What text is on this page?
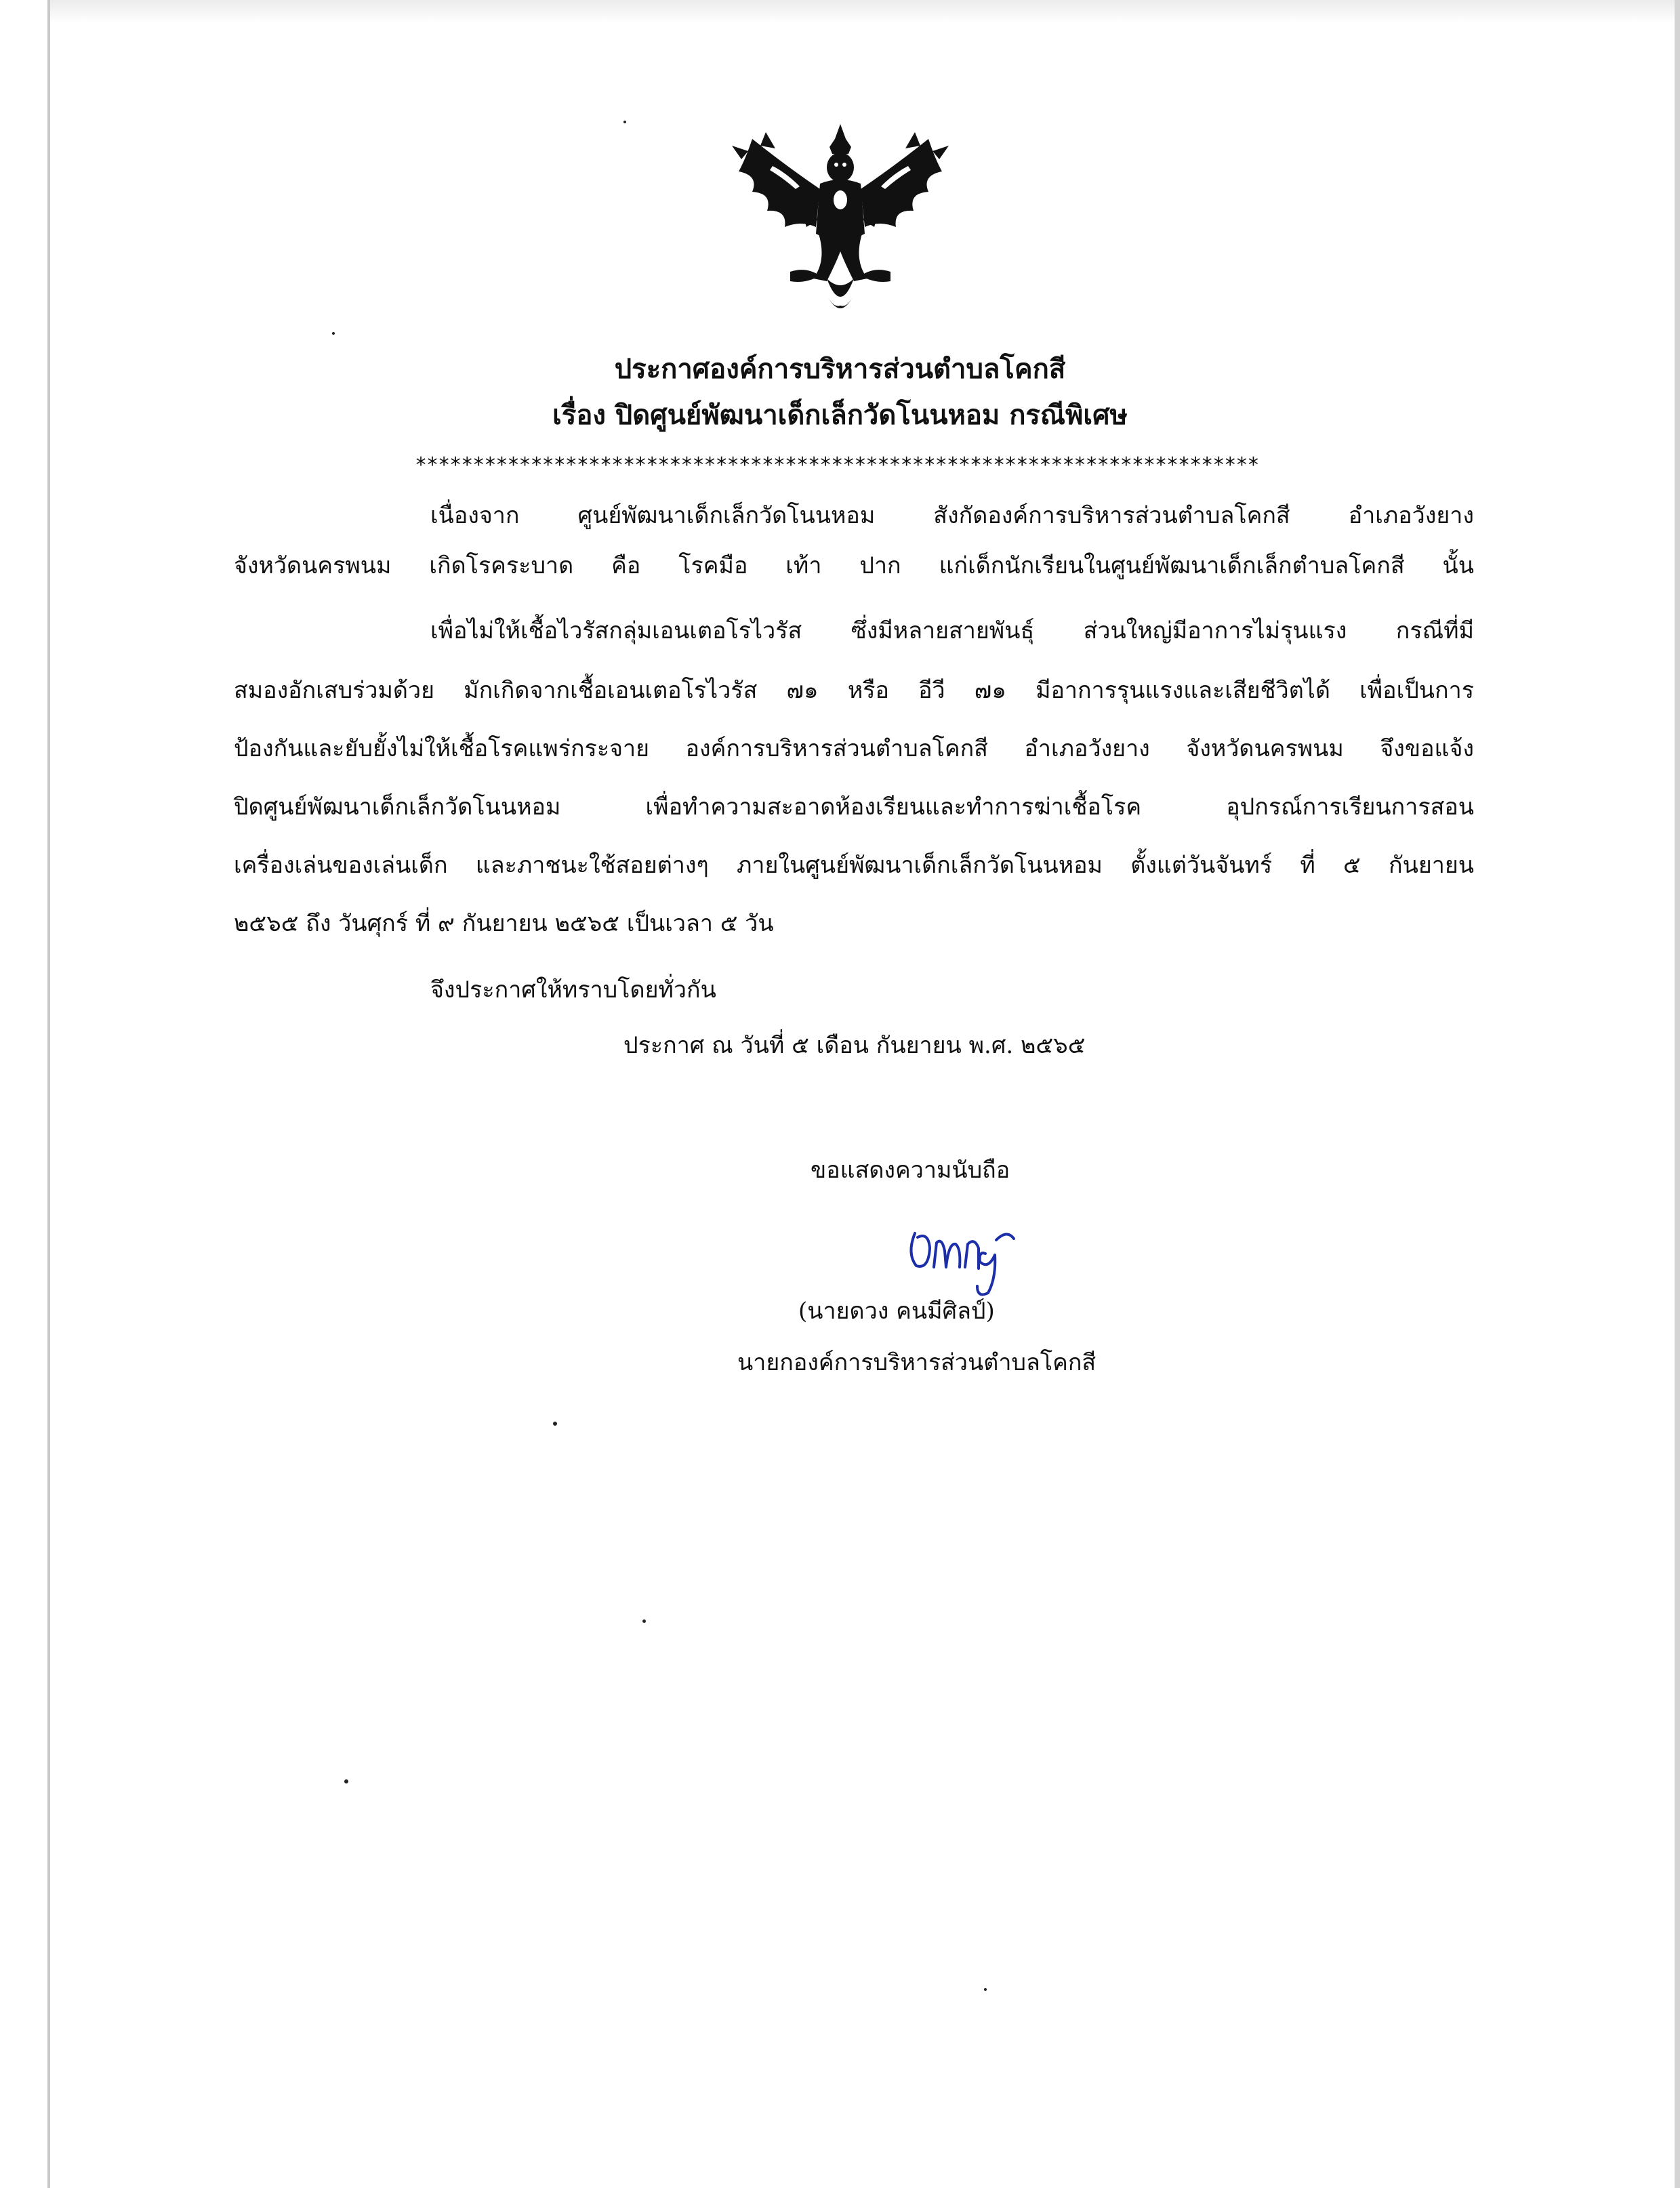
ประกาศองค์การบริหารส่วนตำบลโคกสี
เรื่อง ปิดศูนย์พัฒนาเด็กเล็กวัดโนนหอม กรณีพิเศษ
*************************************************************************
เนื่องจาก ศูนย์พัฒนาเด็กเล็กวัดโนนหอม สังกัดองค์การบริหารส่วนตำบลโคกสี อำเภอวังยาง
จังหวัดนครพนม เกิดโรคระบาด คือ โรคมือ เท้า ปาก แก่เด็กนักเรียนในศูนย์พัฒนาเด็กเล็กตำบลโคกสี นั้น
เพื่อไม่ให้เชื้อไวรัสกลุ่มเอนเตอโรไวรัส ซึ่งมีหลายสายพันธุ์ ส่วนใหญ่มีอาการไม่รุนแรง กรณีที่มี
สมองอักเสบร่วมด้วย มักเกิดจากเชื้อเอนเตอโรไวรัส ๗๑ หรือ อีวี ๗๑ มีอาการรุนแรงและเสียชีวิตได้ เพื่อเป็นการ
ป้องกันและยับยั้งไม่ให้เชื้อโรคแพร่กระจาย องค์การบริหารส่วนตำบลโคกสี อำเภอวังยาง จังหวัดนครพนม จึงขอแจ้ง
ปิดศูนย์พัฒนาเด็กเล็กวัดโนนหอม เพื่อทำความสะอาดห้องเรียนและทำการฆ่าเชื้อโรค อุปกรณ์การเรียนการสอน
เครื่องเล่นของเล่นเด็ก และภาชนะใช้สอยต่างๆ ภายในศูนย์พัฒนาเด็กเล็กวัดโนนหอม ตั้งแต่วันจันทร์ ที่ ๕ กันยายน
๒๕๖๕ ถึง วันศุกร์ ที่ ๙ กันยายน ๒๕๖๕ เป็นเวลา ๕ วัน
จึงประกาศให้ทราบโดยทั่วกัน
ประกาศ ณ วันที่ ๕ เดือน กันยายน พ.ศ. ๒๕๖๕
ขอแสดงความนับถือ
(นายดวง คนมีศิลป์)
นายกองค์การบริหารส่วนตำบลโคกสี
